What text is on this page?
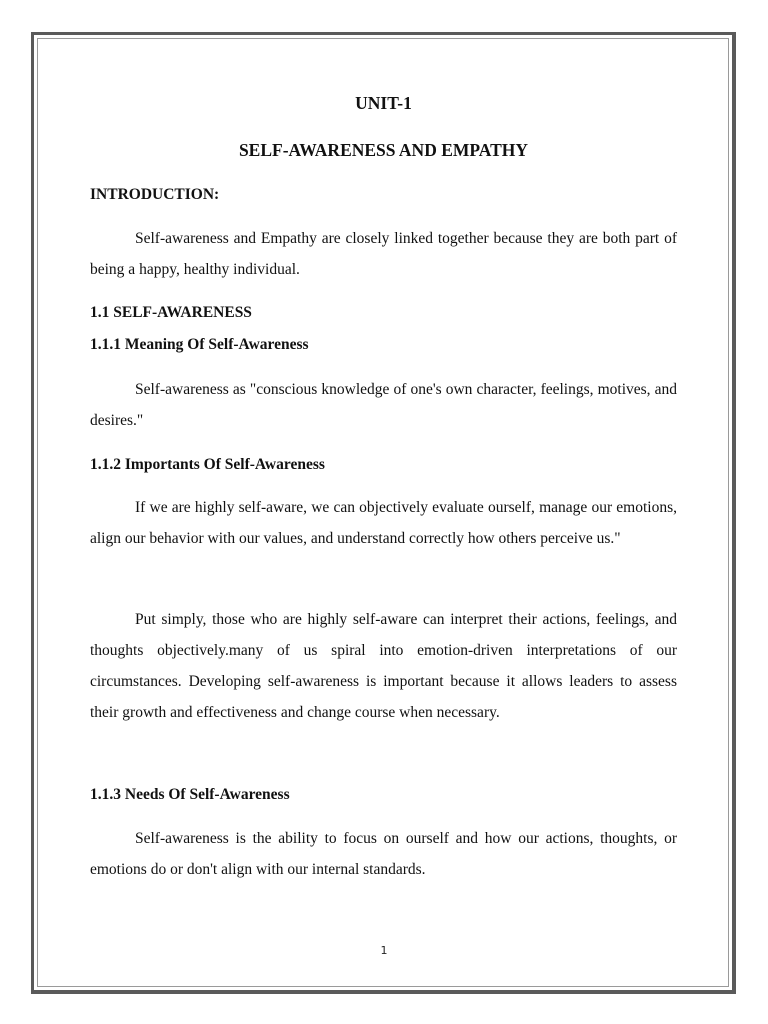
UNIT-1
SELF-AWARENESS AND EMPATHY
INTRODUCTION:

Self-awareness and Empathy are closely linked together because they are both part of being a happy, healthy individual.

1.1 SELF-AWARENESS
1.1.1 Meaning Of Self-Awareness

Self-awareness as "conscious knowledge of one's own character, feelings, motives, and desires."

1.1.2 Importants Of Self-Awareness

If we are highly self-aware, we can objectively evaluate ourself, manage our emotions, align our behavior with our values, and understand correctly how others perceive us."

Put simply, those who are highly self-aware can interpret their actions, feelings, and thoughts objectively.many of us spiral into emotion-driven interpretations of our circumstances. Developing self-awareness is important because it allows leaders to assess their growth and effectiveness and change course when necessary.

1.1.3 Needs Of Self-Awareness

Self-awareness is the ability to focus on ourself and how our actions, thoughts, or emotions do or don't align with our internal standards.

1
